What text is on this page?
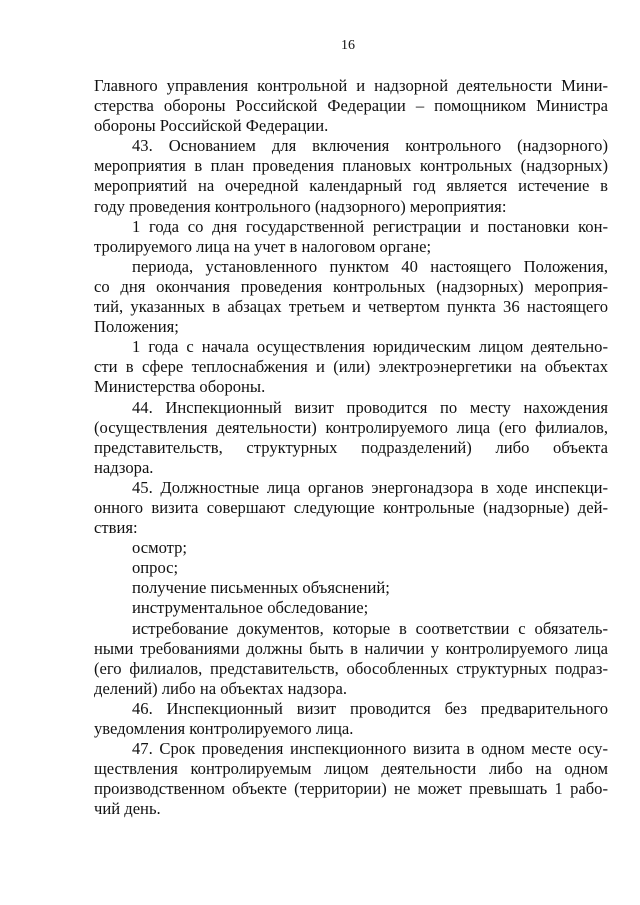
16
Главного управления контрольной и надзорной деятельности Мини-
стерства обороны Российской Федерации – помощником Министра
обороны Российской Федерации.
43. Основанием для включения контрольного (надзорного)
мероприятия в план проведения плановых контрольных (надзорных)
мероприятий на очередной календарный год является истечение в
году проведения контрольного (надзорного) мероприятия:
1 года со дня государственной регистрации и постановки кон-
тролируемого лица на учет в налоговом органе;
периода, установленного пунктом 40 настоящего Положения,
со дня окончания проведения контрольных (надзорных) мероприя-
тий, указанных в абзацах третьем и четвертом пункта 36 настоящего
Положения;
1 года с начала осуществления юридическим лицом деятельно-
сти в сфере теплоснабжения и (или) электроэнергетики на объектах
Министерства обороны.
44. Инспекционный визит проводится по месту нахождения
(осуществления деятельности) контролируемого лица (его филиалов,
представительств, структурных подразделений) либо объекта
надзора.
45. Должностные лица органов энергонадзора в ходе инспекци-
онного визита совершают следующие контрольные (надзорные) дей-
ствия:
осмотр;
опрос;
получение письменных объяснений;
инструментальное обследование;
истребование документов, которые в соответствии с обязатель-
ными требованиями должны быть в наличии у контролируемого лица
(его филиалов, представительств, обособленных структурных подраз-
делений) либо на объектах надзора.
46. Инспекционный визит проводится без предварительного
уведомления контролируемого лица.
47. Срок проведения инспекционного визита в одном месте осу-
ществления контролируемым лицом деятельности либо на одном
производственном объекте (территории) не может превышать 1 рабо-
чий день.
